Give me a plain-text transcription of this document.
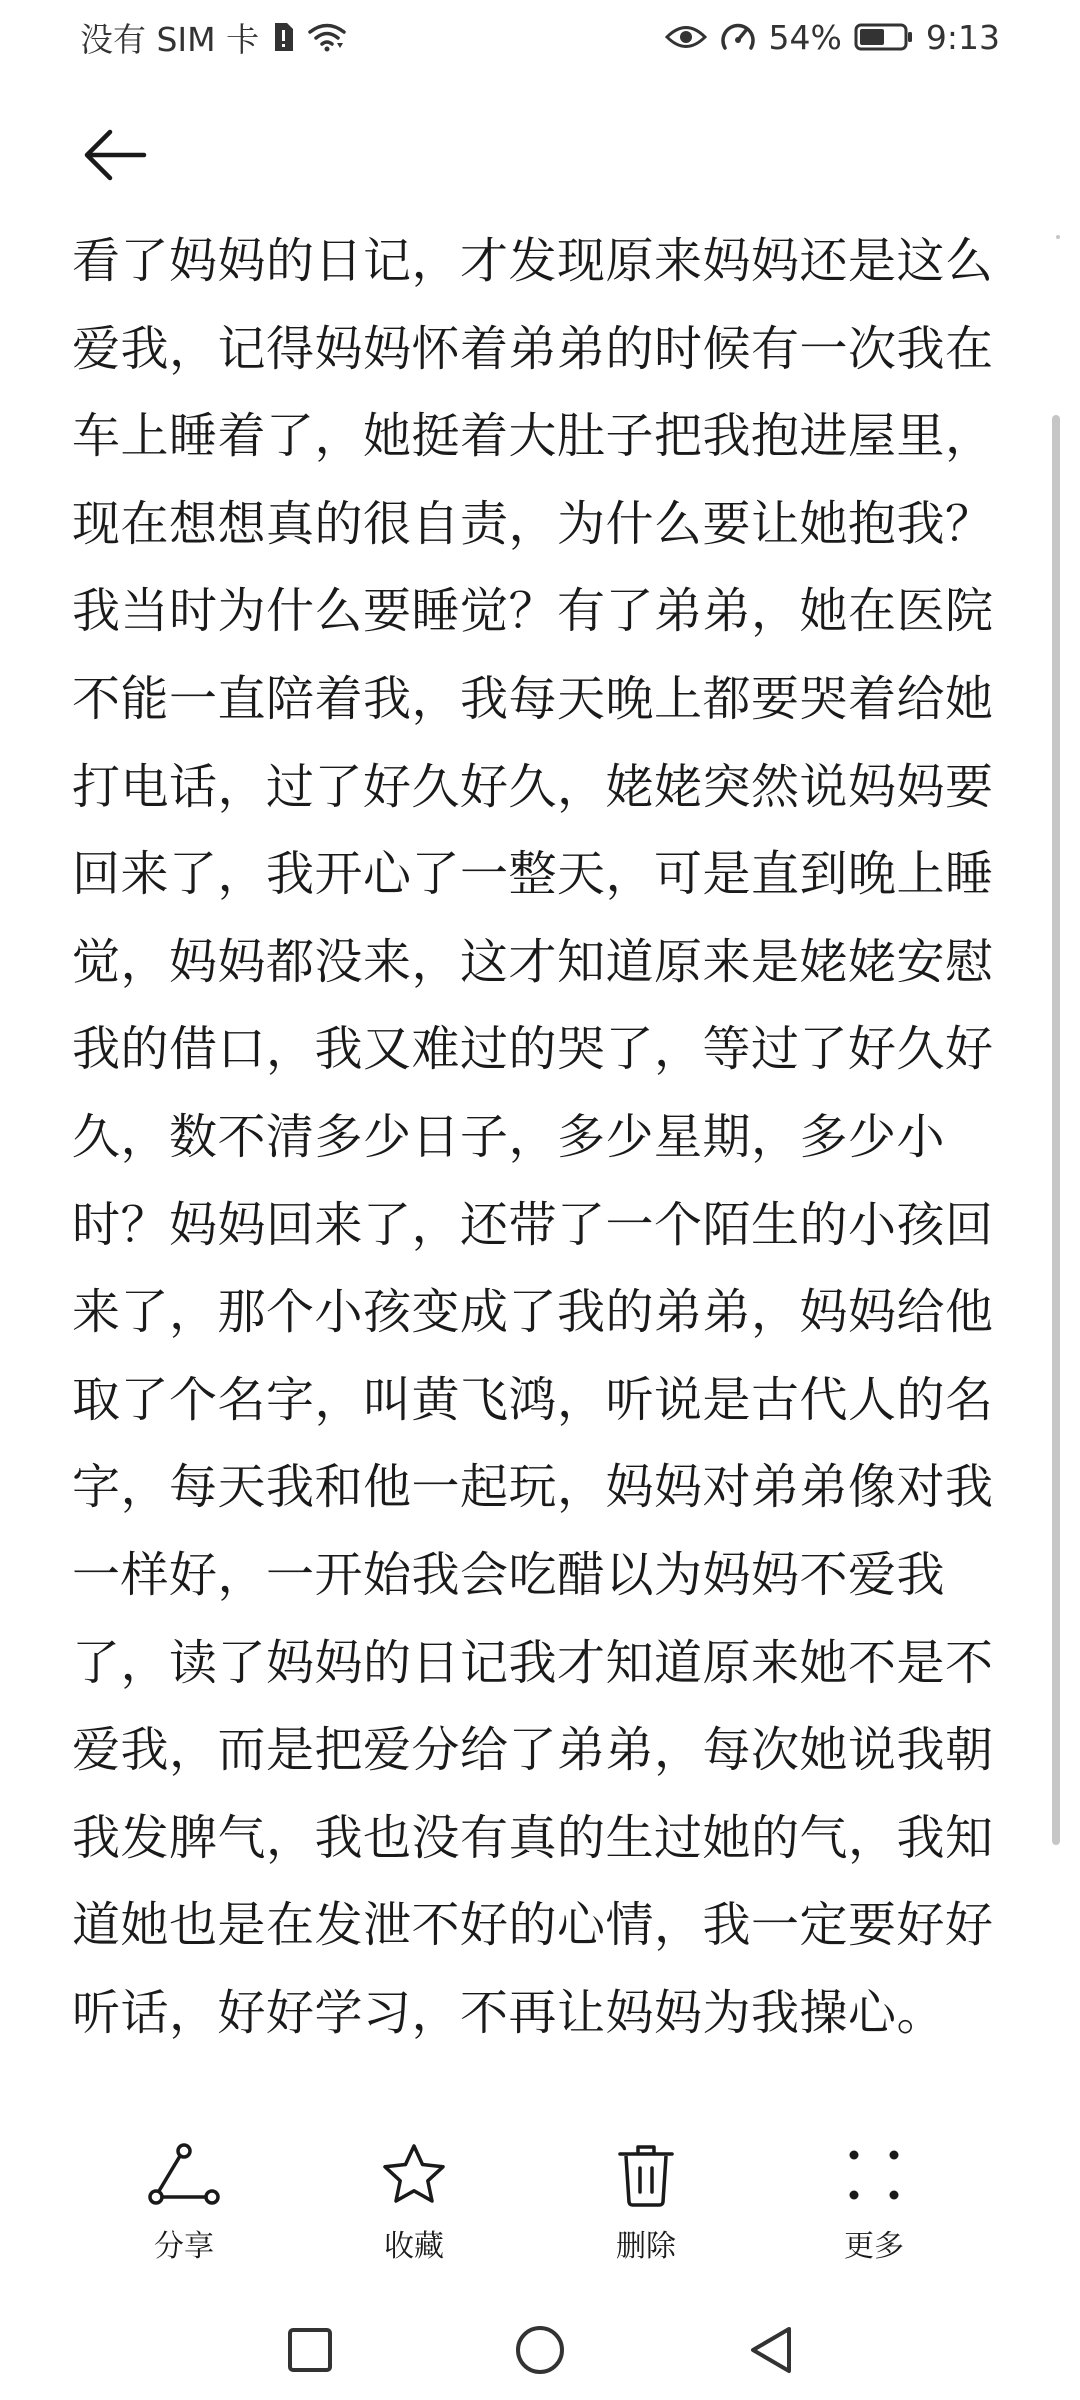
没有 SIM 卡	54%	9:13
看了妈妈的日记，才发现原来妈妈还是这么
爱我，记得妈妈怀着弟弟的时候有一次我在
车上睡着了，她挺着大肚子把我抱进屋里，
现在想想真的很自责，为什么要让她抱我？
我当时为什么要睡觉？有了弟弟，她在医院
不能一直陪着我，我每天晚上都要哭着给她
打电话，过了好久好久，姥姥突然说妈妈要
回来了，我开心了一整天，可是直到晚上睡
觉，妈妈都没来，这才知道原来是姥姥安慰
我的借口，我又难过的哭了，等过了好久好
久，数不清多少日子，多少星期，多少小
时？妈妈回来了，还带了一个陌生的小孩回
来了，那个小孩变成了我的弟弟，妈妈给他
取了个名字，叫黄飞鸿，听说是古代人的名
字，每天我和他一起玩，妈妈对弟弟像对我
一样好，一开始我会吃醋以为妈妈不爱我
了，读了妈妈的日记我才知道原来她不是不
爱我，而是把爱分给了弟弟，每次她说我朝
我发脾气，我也没有真的生过她的气，我知
道她也是在发泄不好的心情，我一定要好好
听话，好好学习，不再让妈妈为我操心。
分享	收藏	删除	更多
